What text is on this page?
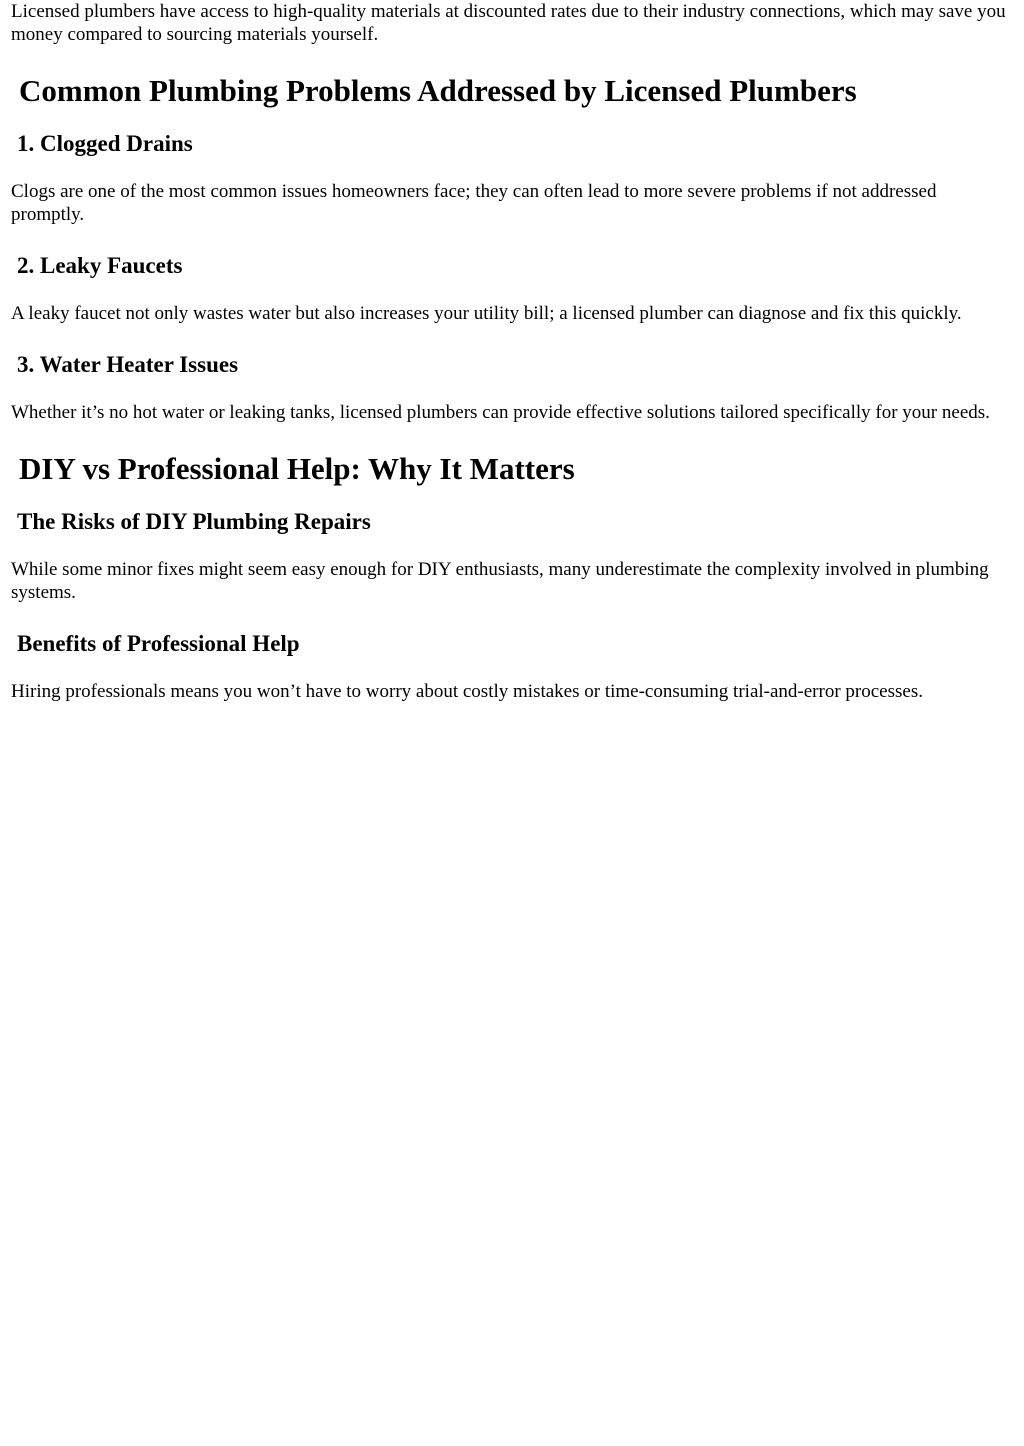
Licensed plumbers have access to high-quality materials at discounted rates due to their industry connections, which may save you money compared to sourcing materials yourself.

Common Plumbing Problems Addressed by Licensed Plumbers
1. Clogged Drains

Clogs are one of the most common issues homeowners face; they can often lead to more severe problems if not addressed promptly.

2. Leaky Faucets

A leaky faucet not only wastes water but also increases your utility bill; a licensed plumber can diagnose and fix this quickly.

3. Water Heater Issues

Whether it’s no hot water or leaking tanks, licensed plumbers can provide effective solutions tailored specifically for your needs.

DIY vs Professional Help: Why It Matters
The Risks of DIY Plumbing Repairs

While some minor fixes might seem easy enough for DIY enthusiasts, many underestimate the complexity involved in plumbing systems.

Benefits of Professional Help

Hiring professionals means you won’t have to worry about costly mistakes or time-consuming trial-and-error processes.
